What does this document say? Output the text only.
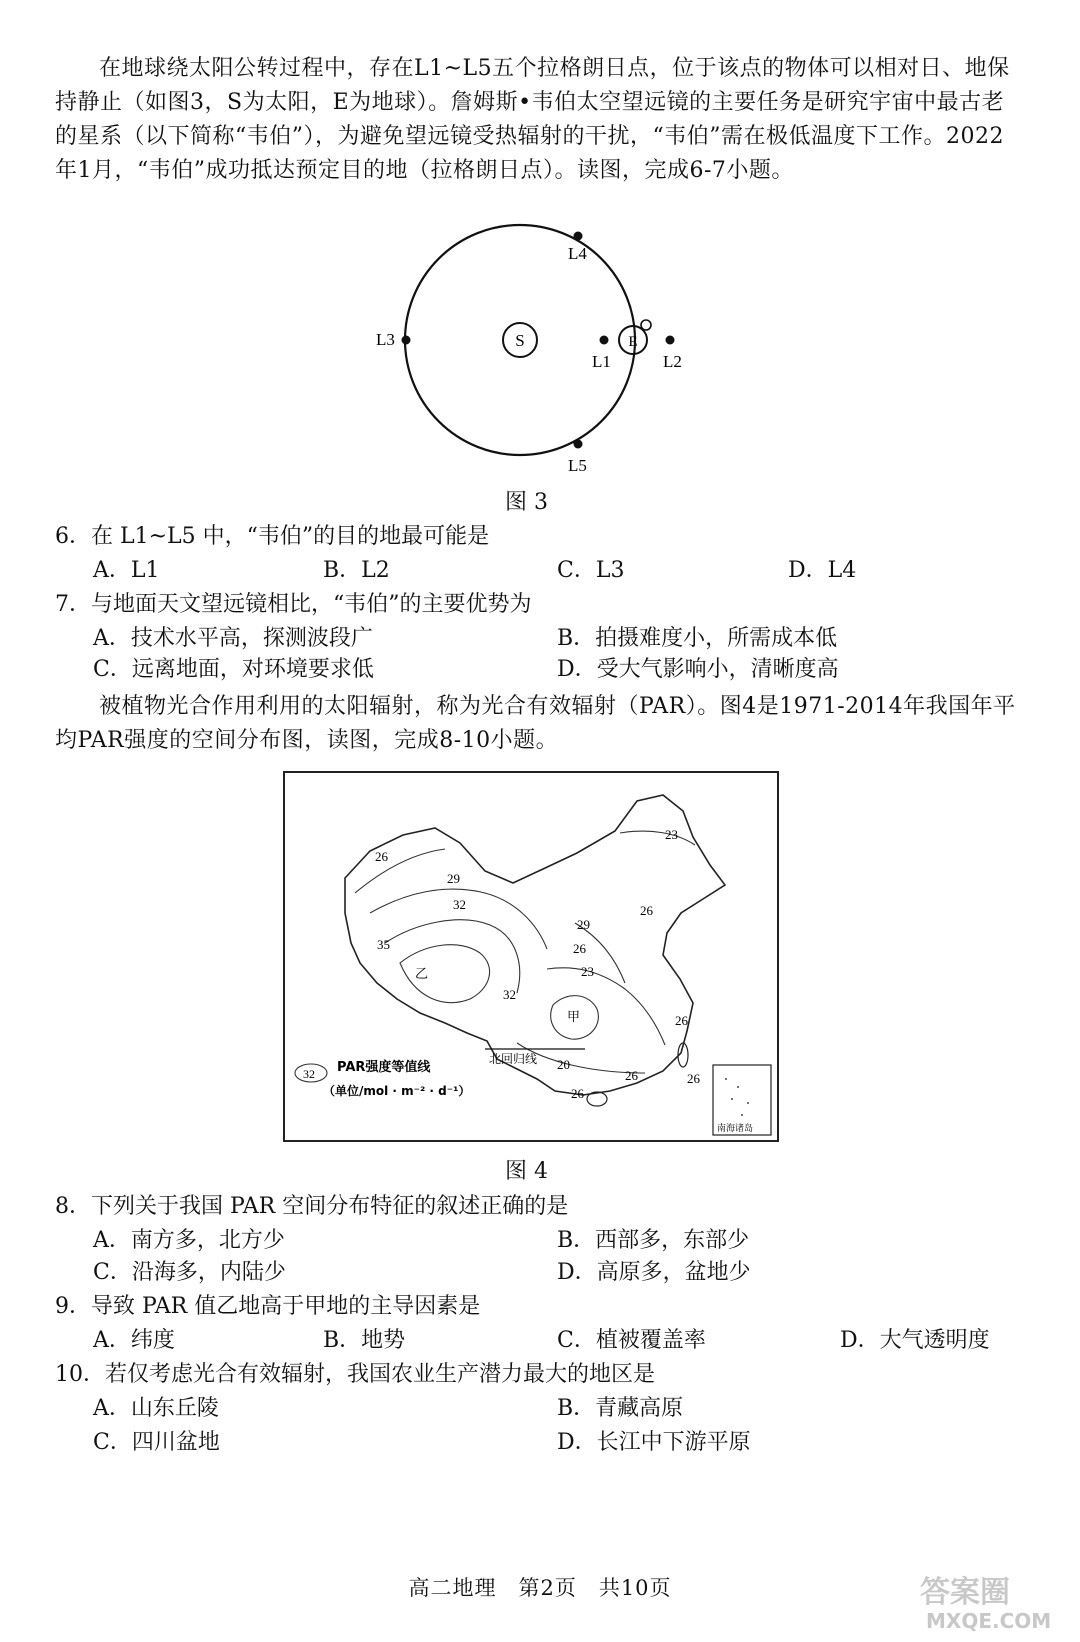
在地球绕太阳公转过程中，存在L1~L5五个拉格朗日点，位于该点的物体可以相对日、地保持静止（如图3，S为太阳，E为地球）。詹姆斯•韦伯太空望远镜的主要任务是研究宇宙中最古老的星系（以下简称“韦伯”），为避免望远镜受热辐射的干扰，“韦伯”需在极低温度下工作。2022年1月，“韦伯”成功抵达预定目的地（拉格朗日点）。读图，完成6-7小题。

S	E
L1	L2
L3
L4
L5
图 3

6．在 L1~L5 中，“韦伯”的目的地最可能是

A．L1	B．L2	C．L3	D．L4

7．与地面天文望远镜相比，“韦伯”的主要优势为

A．技术水平高，探测波段广	B．拍摄难度小，所需成本低
C．远离地面，对环境要求低	D．受大气影响小，清晰度高

被植物光合作用利用的太阳辐射，称为光合有效辐射（PAR）。图4是1971-2014年我国年平均PAR强度的空间分布图，读图，完成8-10小题。

23
26
29
32
35
26
29
26
23
32
20
26
26
26
26
甲
乙
北回归线
32 PAR强度等值线
（单位/mol · m⁻² · d⁻¹）
南海诸岛
图 4

8．下列关于我国 PAR 空间分布特征的叙述正确的是

A．南方多，北方少	B．西部多，东部少
C．沿海多，内陆少	D．高原多，盆地少

9．导致 PAR 值乙地高于甲地的主导因素是

A．纬度	B．地势	C．植被覆盖率	D．大气透明度

10．若仅考虑光合有效辐射，我国农业生产潜力最大的地区是

A．山东丘陵	B．青藏高原
C．四川盆地	D．长江中下游平原
高二地理　第2页　共10页	答案圈
MXQE.COM
